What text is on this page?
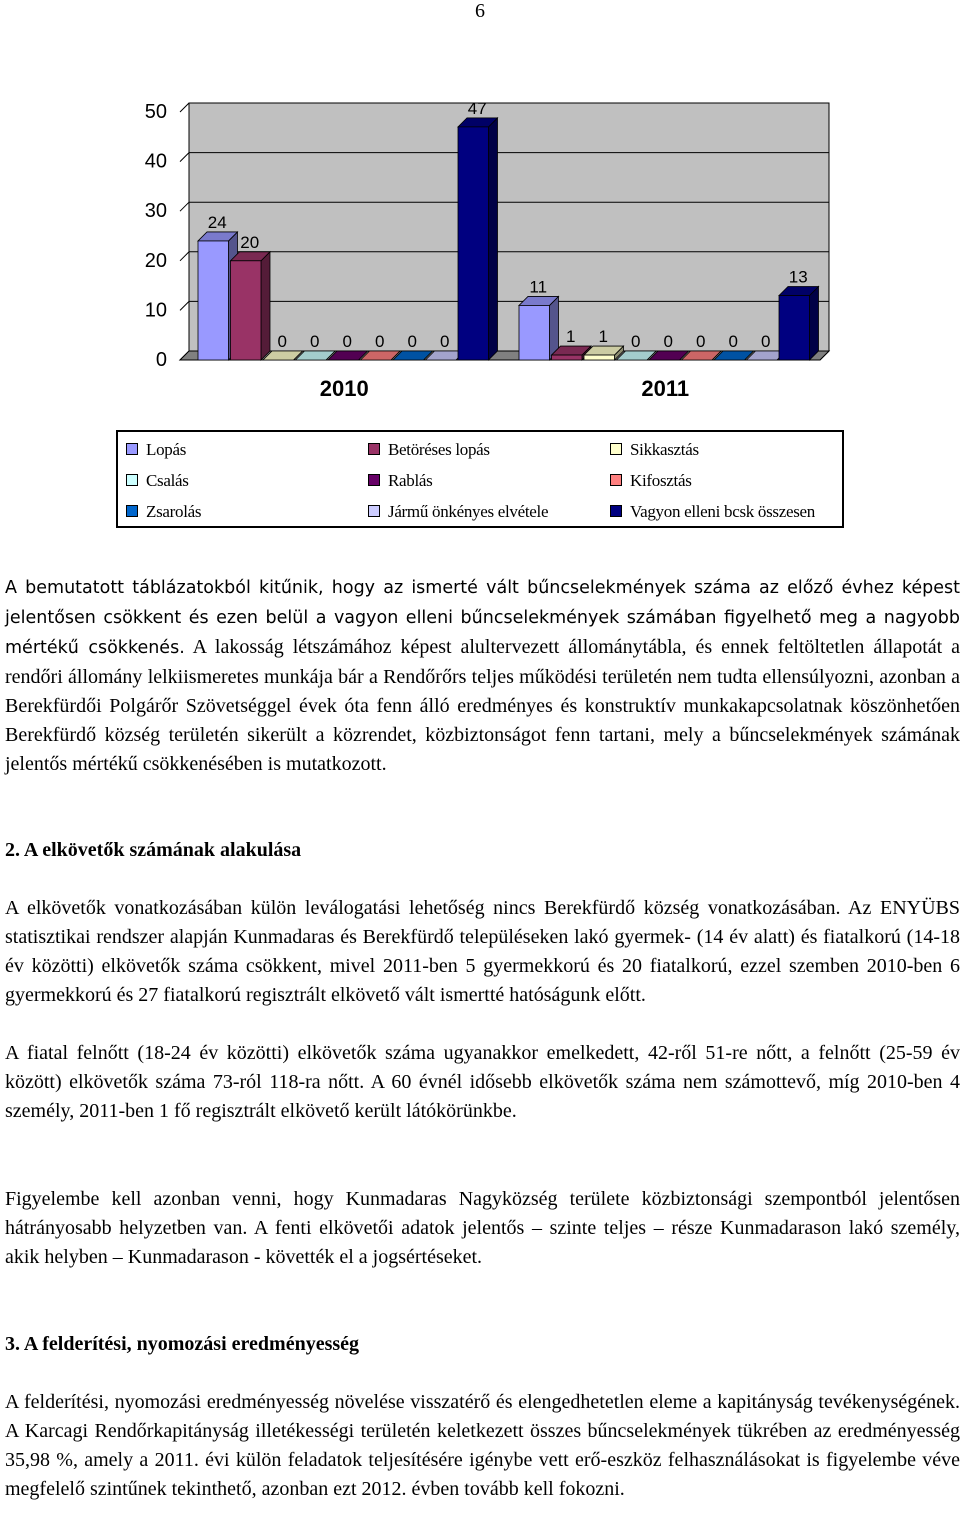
6
0
10
20
30
40
50
24
20
0 0 0 0 0 0
47
2010
11
1 1 0 0 0 0 0
13
2011
Lopás	Betöréses lopás	Sikkasztás
Csalás	Rablás	Kifosztás
Zsarolás	Jármű önkényes elvétele	Vagyon elleni bcsk összesen

A bemutatott táblázatokból kitűnik, hogy az ismerté vált bűncselekmények száma az előző évhez képest jelentősen csökkent és ezen belül a vagyon elleni bűncselekmények számában figyelhető meg a nagyobb mértékű csökkenés. A lakosság létszámához képest alultervezett állománytábla, és ennek feltöltetlen állapotát a rendőri állomány lelkiismeretes munkája bár a Rendőrőrs teljes működési területén nem tudta ellensúlyozni, azonban a Berekfürdői Polgárőr Szövetséggel évek óta fenn álló eredményes és konstruktív munkakapcsolatnak köszönhetően Berekfürdő község területén sikerült a közrendet, közbiztonságot fenn tartani, mely a bűncselekmények számának jelentős mértékű csökkenésében is mutatkozott.

2. A elkövetők számának alakulása

A elkövetők vonatkozásában külön leválogatási lehetőség nincs Berekfürdő község vonatkozásában. Az ENYÜBS statisztikai rendszer alapján Kunmadaras és Berekfürdő településeken lakó gyermek- (14 év alatt) és fiatalkorú (14-18 év közötti) elkövetők száma csökkent, mivel 2011-ben 5 gyermekkorú és 20 fiatalkorú, ezzel szemben 2010-ben 6 gyermekkorú és 27 fiatalkorú regisztrált elkövető vált ismertté hatóságunk előtt.

A fiatal felnőtt (18-24 év közötti) elkövetők száma ugyanakkor emelkedett, 42-ről 51-re nőtt, a felnőtt (25-59 év között) elkövetők száma 73-ról 118-ra nőtt. A 60 évnél idősebb elkövetők száma nem számottevő, míg 2010-ben 4 személy, 2011-ben 1 fő regisztrált elkövető került látókörünkbe.

Figyelembe kell azonban venni, hogy Kunmadaras Nagyközség területe közbiztonsági szempontból jelentősen hátrányosabb helyzetben van. A fenti elkövetői adatok jelentős – szinte teljes – része Kunmadarason lakó személy, akik helyben – Kunmadarason - követték el a jogsértéseket.

3. A felderítési, nyomozási eredményesség

A felderítési, nyomozási eredményesség növelése visszatérő és elengedhetetlen eleme a kapitányság tevékenységének. A Karcagi Rendőrkapitányság illetékességi területén keletkezett összes bűncselekmények tükrében az eredményesség 35,98 %, amely a 2011. évi külön feladatok teljesítésére igénybe vett erő-eszköz felhasználásokat is figyelembe véve megfelelő szintűnek tekinthető, azonban ezt 2012. évben tovább kell fokozni.
